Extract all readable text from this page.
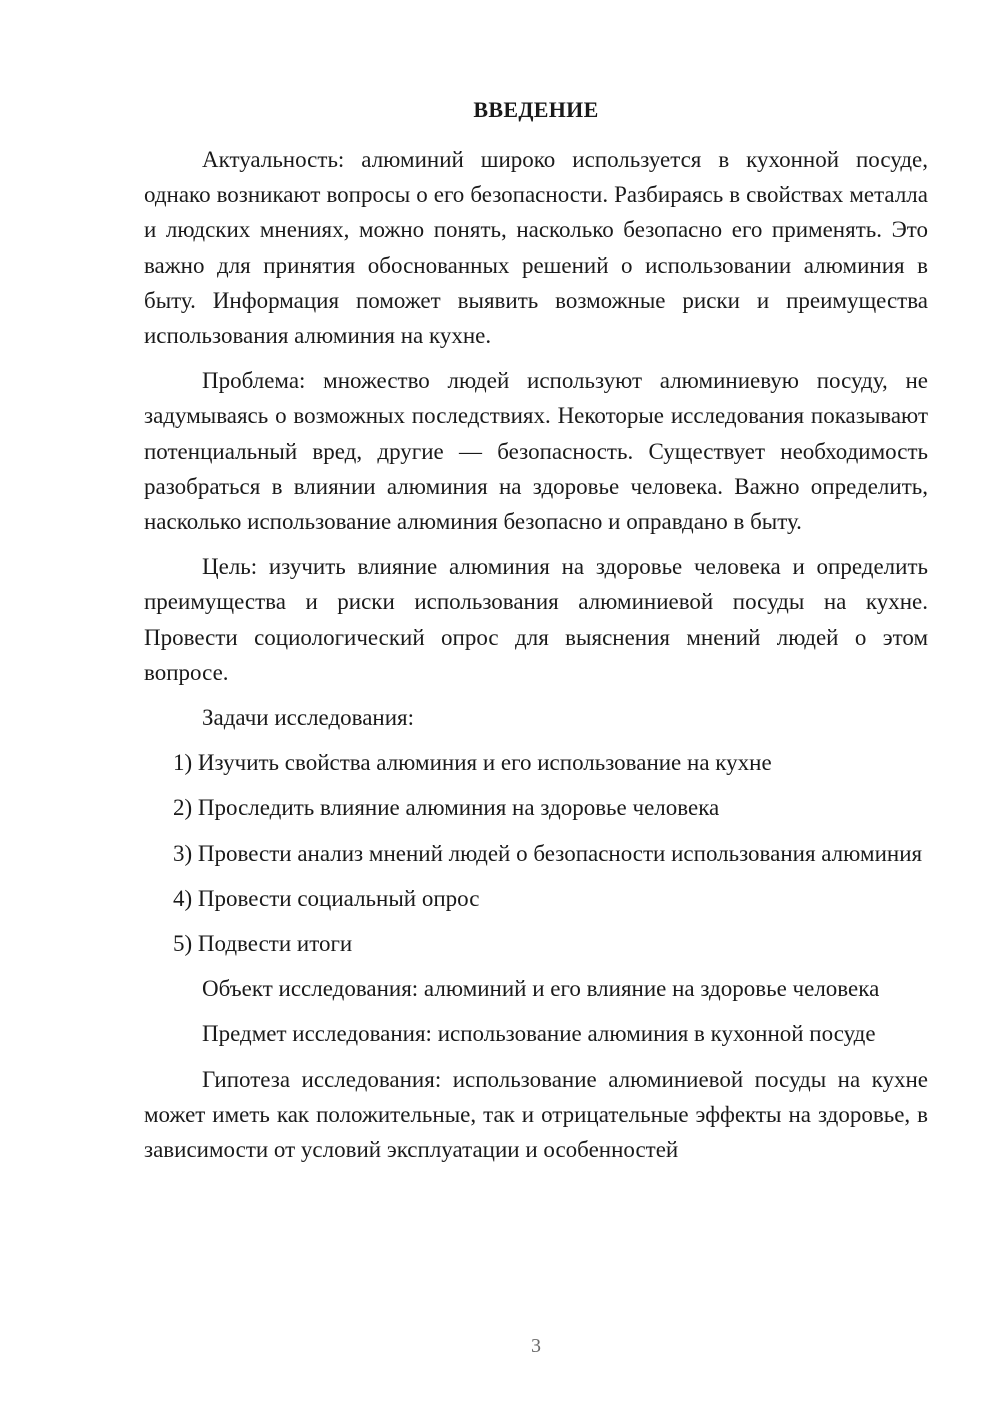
ВВЕДЕНИЕ

Актуальность: алюминий широко используется в кухонной посуде, однако возникают вопросы о его безопасности. Разбираясь в свойствах металла и людских мнениях, можно понять, насколько безопасно его применять. Это важно для принятия обоснованных решений о использовании алюминия в быту. Информация поможет выявить возможные риски и преимущества использования алюминия на кухне.

Проблема: множество людей используют алюминиевую посуду, не задумываясь о возможных последствиях. Некоторые исследования показывают потенциальный вред, другие — безопасность. Существует необходимость разобраться в влиянии алюминия на здоровье человека. Важно определить, насколько использование алюминия безопасно и оправдано в быту.

Цель: изучить влияние алюминия на здоровье человека и определить преимущества и риски использования алюминиевой посуды на кухне. Провести социологический опрос для выяснения мнений людей о этом вопросе.

Задачи исследования:

1) Изучить свойства алюминия и его использование на кухне

2) Проследить влияние алюминия на здоровье человека

3) Провести анализ мнений людей о безопасности использования алюминия

4) Провести социальный опрос

5) Подвести итоги

Объект исследования: алюминий и его влияние на здоровье человека

Предмет исследования: использование алюминия в кухонной посуде

Гипотеза исследования: использование алюминиевой посуды на кухне может иметь как положительные, так и отрицательные эффекты на здоровье, в зависимости от условий эксплуатации и особенностей

3
